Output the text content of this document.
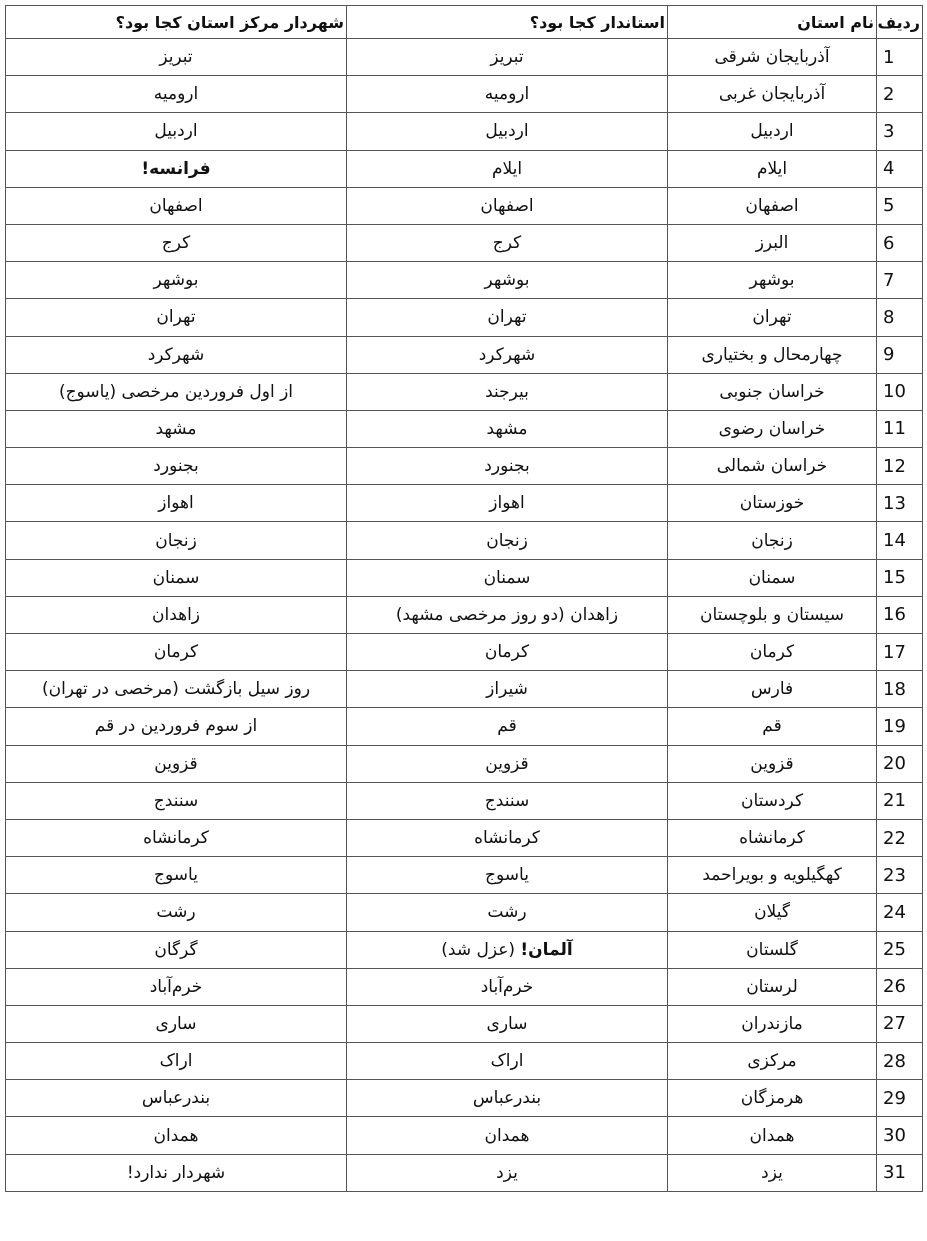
ردیف	نام استان	استاندار کجا بود؟	شهردار مرکز استان کجا بود؟
1	آذربایجان شرقی	تبریز	تبریز
2	آذربایجان غربی	ارومیه	ارومیه
3	اردبیل	اردبیل	اردبیل
4	ایلام	ایلام	فرانسه!
5	اصفهان	اصفهان	اصفهان
6	البرز	کرج	کرج
7	بوشهر	بوشهر	بوشهر
8	تهران	تهران	تهران
9	چهارمحال و بختیاری	شهرکرد	شهرکرد
10	خراسان جنوبی	بیرجند	از اول فروردین مرخصی (یاسوج)
11	خراسان رضوی	مشهد	مشهد
12	خراسان شمالی	بجنورد	بجنورد
13	خوزستان	اهواز	اهواز
14	زنجان	زنجان	زنجان
15	سمنان	سمنان	سمنان
16	سیستان و بلوچستان	زاهدان (دو روز مرخصی مشهد)	زاهدان
17	کرمان	کرمان	کرمان
18	فارس	شیراز	روز سیل بازگشت (مرخصی در تهران)
19	قم	قم	از سوم فروردین در قم
20	قزوین	قزوین	قزوین
21	کردستان	سنندج	سنندج
22	کرمانشاه	کرمانشاه	کرمانشاه
23	کهگیلویه و بویراحمد	یاسوج	یاسوج
24	گیلان	رشت	رشت
25	گلستان	آلمان! (عزل شد)	گرگان
26	لرستان	خرم‌آباد	خرم‌آباد
27	مازندران	ساری	ساری
28	مرکزی	اراک	اراک
29	هرمزگان	بندرعباس	بندرعباس
30	همدان	همدان	همدان
31	یزد	یزد	شهردار ندارد!
